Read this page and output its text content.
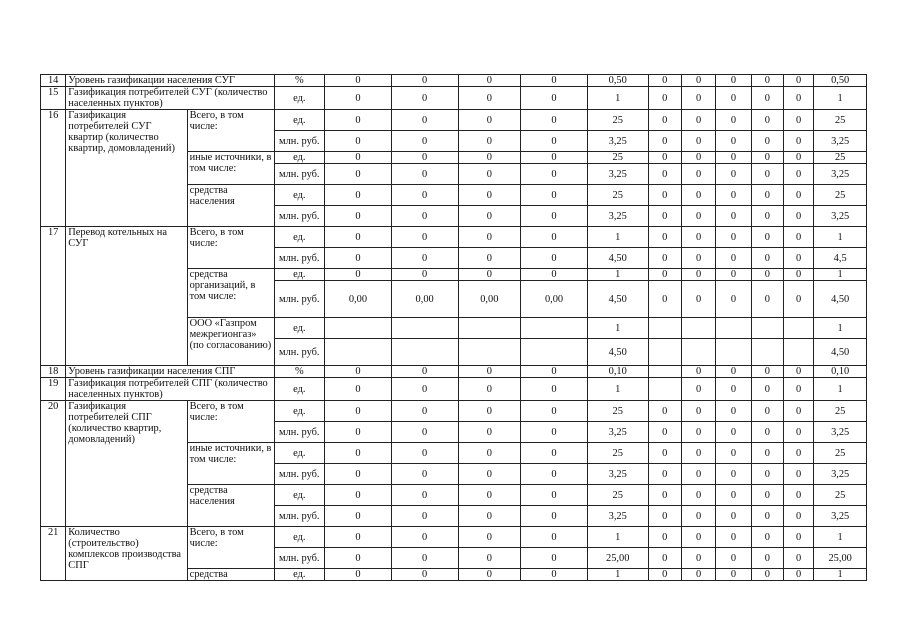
14	Уровень газификации населения СУГ		%	0	0	0	0	0,50	0	0	0	0	0	0,50
15	Газификация потребителей СУГ (количество населенных пунктов)		ед.	0	0	0	0	1	0	0	0	0	0	1
16	Газификация потребителей СУГ квартир (количество квартир, домовладений)	Всего, в том числе:	ед.	0	0	0	0	25	0	0	0	0	0	25
			млн. руб.	0	0	0	0	3,25	0	0	0	0	0	3,25
		иные источники, в том числе:	ед.	0	0	0	0	25	0	0	0	0	0	25
			млн. руб.	0	0	0	0	3,25	0	0	0	0	0	3,25
		средства населения	ед.	0	0	0	0	25	0	0	0	0	0	25
			млн. руб.	0	0	0	0	3,25	0	0	0	0	0	3,25
17	Перевод котельных на СУГ	Всего, в том числе:	ед.	0	0	0	0	1	0	0	0	0	0	1
			млн. руб.	0	0	0	0	4,50	0	0	0	0	0	4,5
		средства организаций, в том числе:	ед.	0	0	0	0	1	0	0	0	0	0	1
			млн. руб.	0,00	0,00	0,00	0,00	4,50	0	0	0	0	0	4,50
		ООО «Газпром межрегионгаз» (по согласованию)	ед.					1						1
			млн. руб.					4,50						4,50
18	Уровень газификации населения СПГ		%	0	0	0	0	0,10		0	0	0	0	0,10
19	Газификация потребителей СПГ (количество населенных пунктов)		ед.	0	0	0	0	1		0	0	0	0	1
20	Газификация потребителей СПГ (количество квартир, домовладений)	Всего, в том числе:	ед.	0	0	0	0	25	0	0	0	0	0	25
			млн. руб.	0	0	0	0	3,25	0	0	0	0	0	3,25
		иные источники, в том числе:	ед.	0	0	0	0	25	0	0	0	0	0	25
			млн. руб.	0	0	0	0	3,25	0	0	0	0	0	3,25
		средства населения	ед.	0	0	0	0	25	0	0	0	0	0	25
			млн. руб.	0	0	0	0	3,25	0	0	0	0	0	3,25
21	Количество (строительство) комплексов производства СПГ	Всего, в том числе:	ед.	0	0	0	0	1	0	0	0	0	0	1
			млн. руб.	0	0	0	0	25,00	0	0	0	0	0	25,00
		средства	ед.	0	0	0	0	1	0	0	0	0	0	1
